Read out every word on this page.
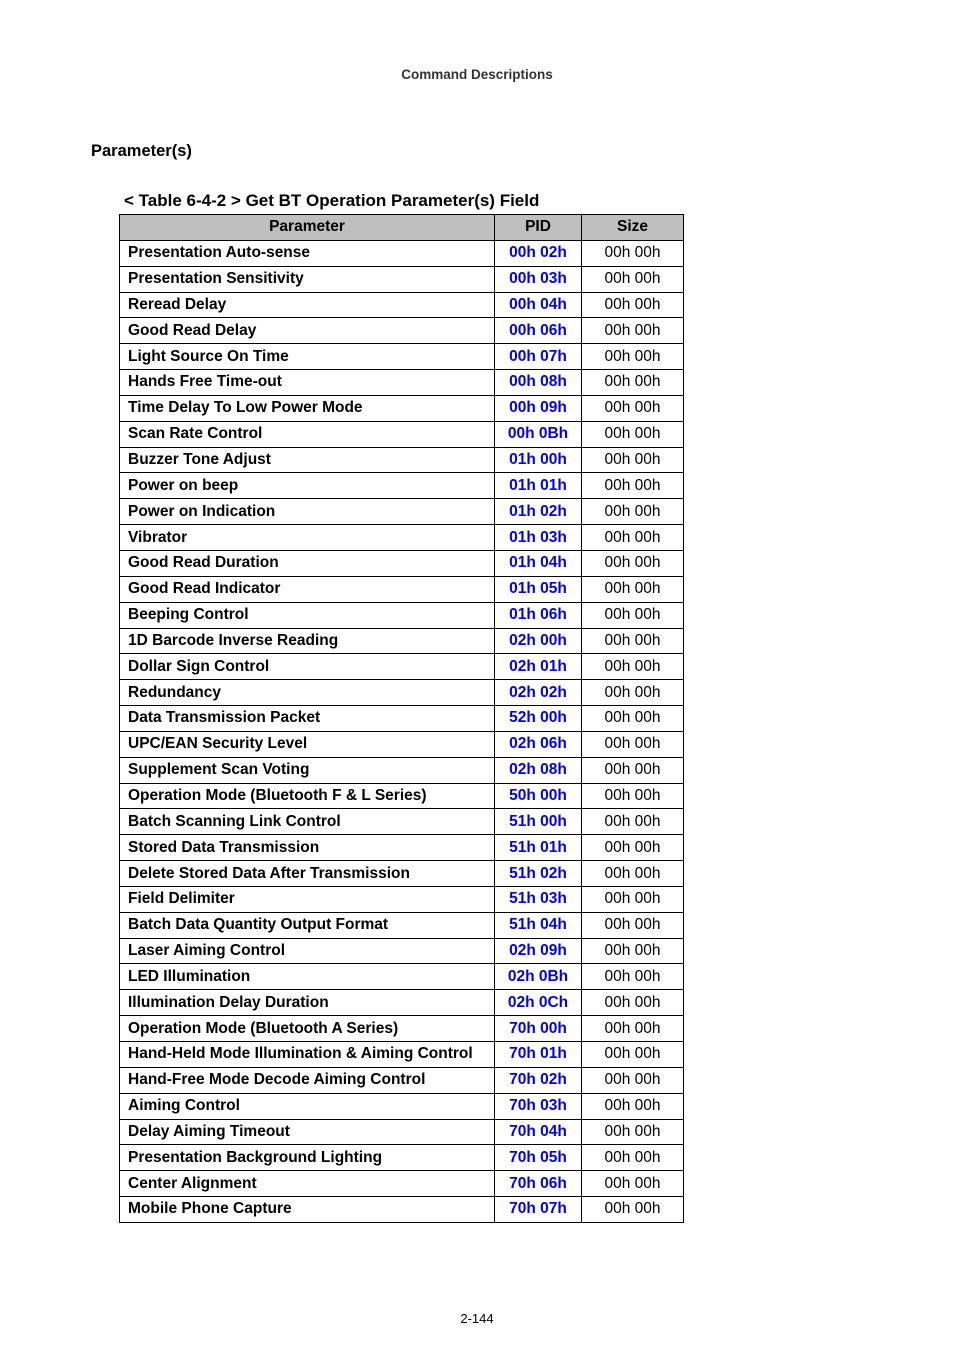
Command Descriptions
Parameter(s)
< Table 6-4-2 > Get BT Operation Parameter(s) Field
Parameter	PID	Size
Presentation Auto-sense	00h 02h	00h 00h
Presentation Sensitivity	00h 03h	00h 00h
Reread Delay	00h 04h	00h 00h
Good Read Delay	00h 06h	00h 00h
Light Source On Time	00h 07h	00h 00h
Hands Free Time-out	00h 08h	00h 00h
Time Delay To Low Power Mode	00h 09h	00h 00h
Scan Rate Control	00h 0Bh	00h 00h
Buzzer Tone Adjust	01h 00h	00h 00h
Power on beep	01h 01h	00h 00h
Power on Indication	01h 02h	00h 00h
Vibrator	01h 03h	00h 00h
Good Read Duration	01h 04h	00h 00h
Good Read Indicator	01h 05h	00h 00h
Beeping Control	01h 06h	00h 00h
1D Barcode Inverse Reading	02h 00h	00h 00h
Dollar Sign Control	02h 01h	00h 00h
Redundancy	02h 02h	00h 00h
Data Transmission Packet	52h 00h	00h 00h
UPC/EAN Security Level	02h 06h	00h 00h
Supplement Scan Voting	02h 08h	00h 00h
Operation Mode (Bluetooth F & L Series)	50h 00h	00h 00h
Batch Scanning Link Control	51h 00h	00h 00h
Stored Data Transmission	51h 01h	00h 00h
Delete Stored Data After Transmission	51h 02h	00h 00h
Field Delimiter	51h 03h	00h 00h
Batch Data Quantity Output Format	51h 04h	00h 00h
Laser Aiming Control	02h 09h	00h 00h
LED Illumination	02h 0Bh	00h 00h
Illumination Delay Duration	02h 0Ch	00h 00h
Operation Mode (Bluetooth A Series)	70h 00h	00h 00h
Hand-Held Mode Illumination & Aiming Control	70h 01h	00h 00h
Hand-Free Mode Decode Aiming Control	70h 02h	00h 00h
Aiming Control	70h 03h	00h 00h
Delay Aiming Timeout	70h 04h	00h 00h
Presentation Background Lighting	70h 05h	00h 00h
Center Alignment	70h 06h	00h 00h
Mobile Phone Capture	70h 07h	00h 00h
2-144
